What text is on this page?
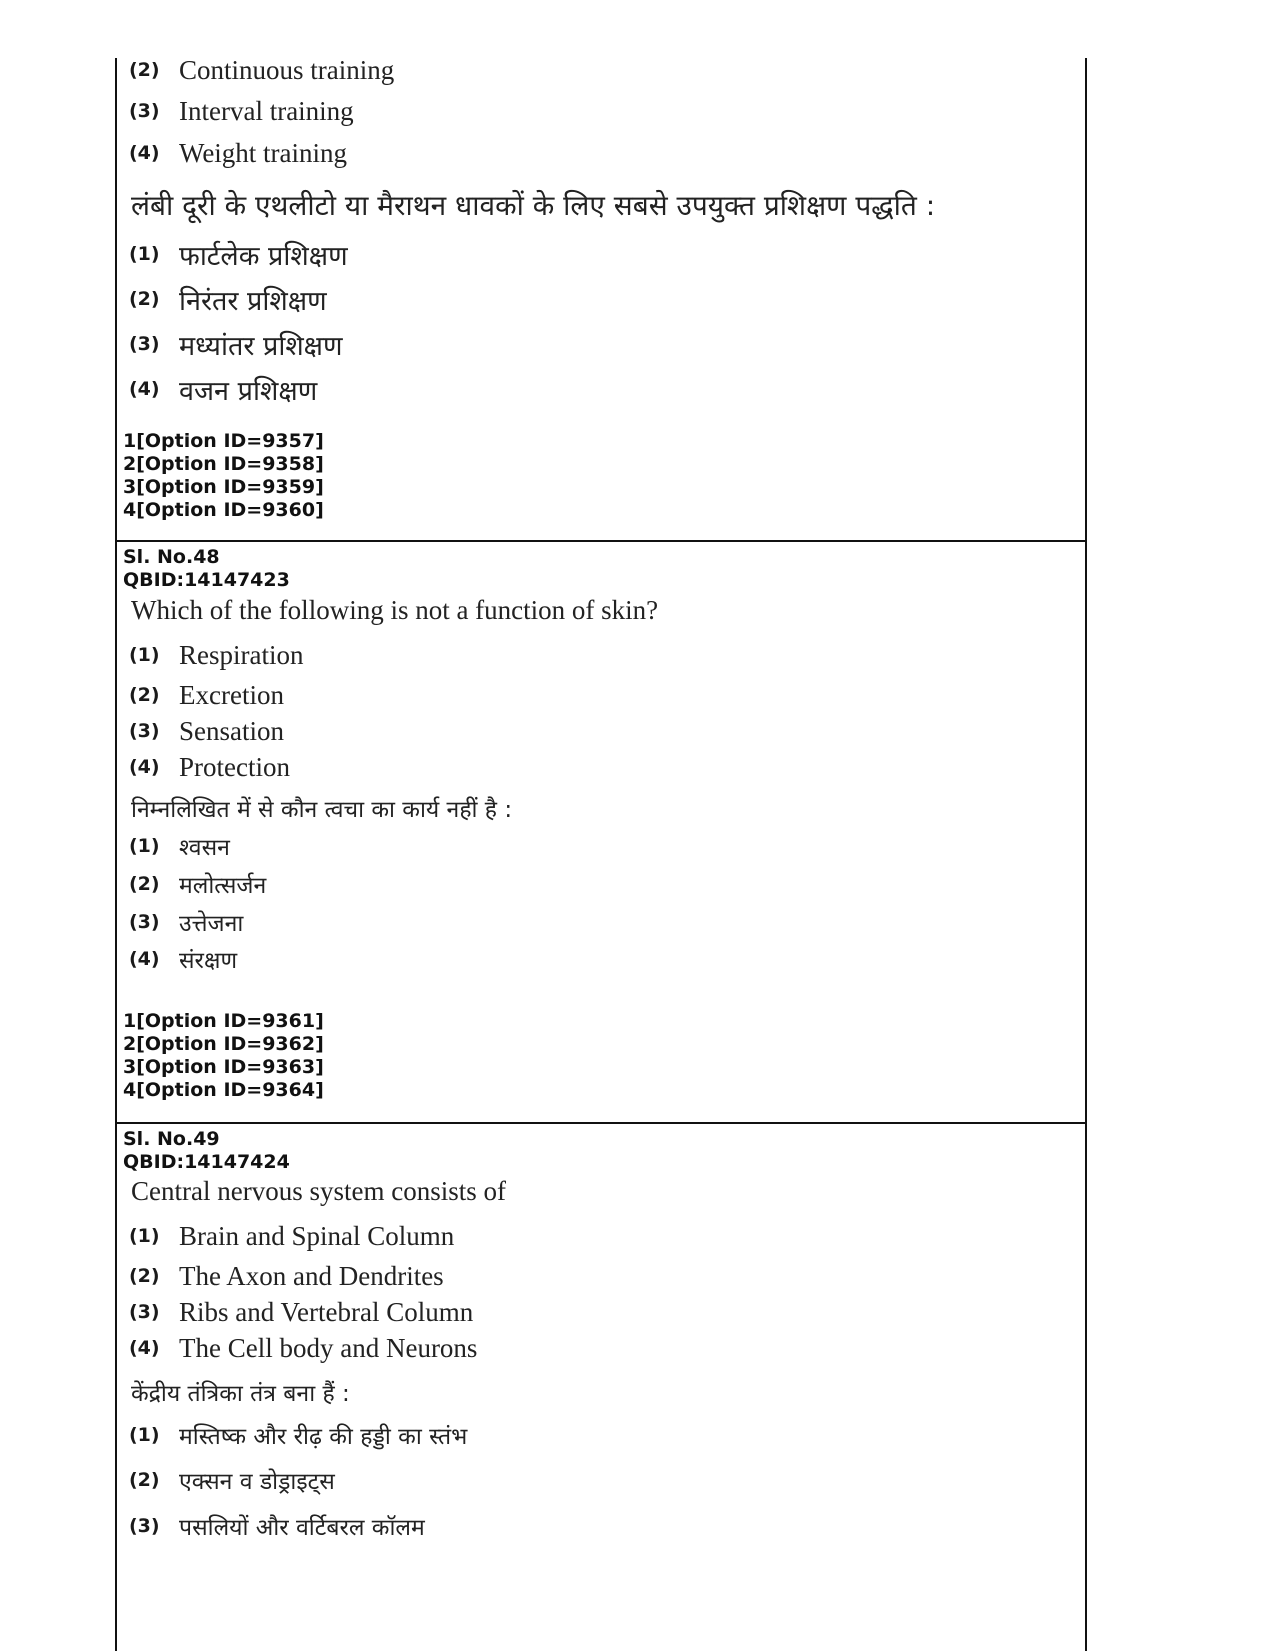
(2) Continuous training
(3) Interval training
(4) Weight training
लंबी दूरी के एथलीटो या मैराथन धावकों के लिए सबसे उपयुक्त प्रशिक्षण पद्धति :
(1) फार्टलेक प्रशिक्षण
(2) निरंतर प्रशिक्षण
(3) मध्यांतर प्रशिक्षण
(4) वजन प्रशिक्षण
1[Option ID=9357]
2[Option ID=9358]
3[Option ID=9359]
4[Option ID=9360]
Sl. No.48
QBID:14147423
Which of the following is not a function of skin?
(1) Respiration
(2) Excretion
(3) Sensation
(4) Protection
निम्नलिखित में से कौन त्वचा का कार्य नहीं है :
(1) श्वसन
(2) मलोत्सर्जन
(3) उत्तेजना
(4) संरक्षण
1[Option ID=9361]
2[Option ID=9362]
3[Option ID=9363]
4[Option ID=9364]
Sl. No.49
QBID:14147424
Central nervous system consists of
(1) Brain and Spinal Column
(2) The Axon and Dendrites
(3) Ribs and Vertebral Column
(4) The Cell body and Neurons
केंद्रीय तंत्रिका तंत्र बना हैं :
(1) मस्तिष्क और रीढ़ की हड्डी का स्तंभ
(2) एक्सन व डोड्राइट्स
(3) पसलियों और वर्टिबरल कॉलम
